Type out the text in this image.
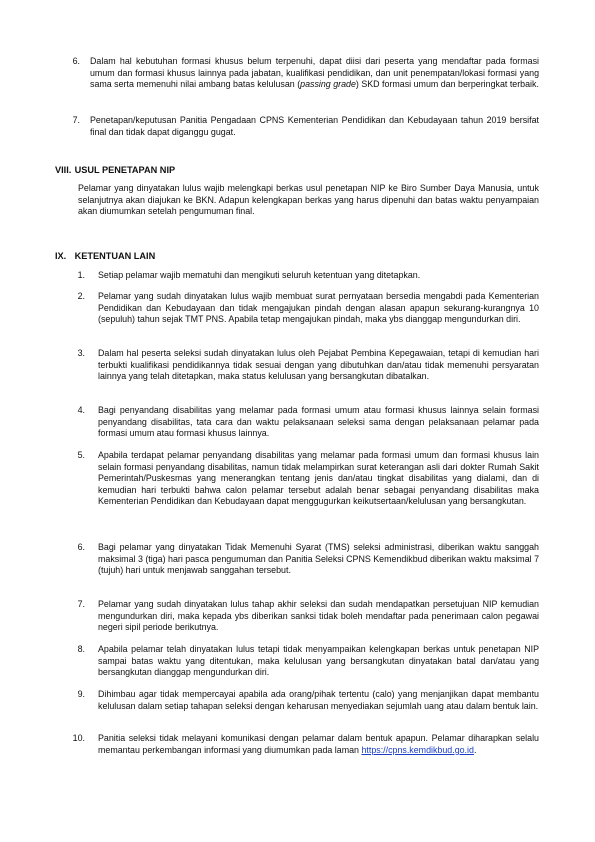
6. Dalam hal kebutuhan formasi khusus belum terpenuhi, dapat diisi dari peserta yang mendaftar pada formasi umum dan formasi khusus lainnya pada jabatan, kualifikasi pendidikan, dan unit penempatan/lokasi formasi yang sama serta memenuhi nilai ambang batas kelulusan (passing grade) SKD formasi umum dan berperingkat terbaik.
7. Penetapan/keputusan Panitia Pengadaan CPNS Kementerian Pendidikan dan Kebudayaan tahun 2019 bersifat final dan tidak dapat diganggu gugat.
VIII. USUL PENETAPAN NIP
Pelamar yang dinyatakan lulus wajib melengkapi berkas usul penetapan NIP ke Biro Sumber Daya Manusia, untuk selanjutnya akan diajukan ke BKN. Adapun kelengkapan berkas yang harus dipenuhi dan batas waktu penyampaian akan diumumkan setelah pengumuman final.
IX. KETENTUAN LAIN
1. Setiap pelamar wajib mematuhi dan mengikuti seluruh ketentuan yang ditetapkan.
2. Pelamar yang sudah dinyatakan lulus wajib membuat surat pernyataan bersedia mengabdi pada Kementerian Pendidikan dan Kebudayaan dan tidak mengajukan pindah dengan alasan apapun sekurang-kurangnya 10 (sepuluh) tahun sejak TMT PNS. Apabila tetap mengajukan pindah, maka ybs dianggap mengundurkan diri.
3. Dalam hal peserta seleksi sudah dinyatakan lulus oleh Pejabat Pembina Kepegawaian, tetapi di kemudian hari terbukti kualifikasi pendidikannya tidak sesuai dengan yang dibutuhkan dan/atau tidak memenuhi persyaratan lainnya yang telah ditetapkan, maka status kelulusan yang bersangkutan dibatalkan.
4. Bagi penyandang disabilitas yang melamar pada formasi umum atau formasi khusus lainnya selain formasi penyandang disabilitas, tata cara dan waktu pelaksanaan seleksi sama dengan pelaksanaan pelamar pada formasi umum atau formasi khusus lainnya.
5. Apabila terdapat pelamar penyandang disabilitas yang melamar pada formasi umum dan formasi khusus lain selain formasi penyandang disabilitas, namun tidak melampirkan surat keterangan asli dari dokter Rumah Sakit Pemerintah/Puskesmas yang menerangkan tentang jenis dan/atau tingkat disabilitas yang dialami, dan di kemudian hari terbukti bahwa calon pelamar tersebut adalah benar sebagai penyandang disabilitas maka Kementerian Pendidikan dan Kebudayaan dapat menggugurkan keikutsertaan/kelulusan yang bersangkutan.
6. Bagi pelamar yang dinyatakan Tidak Memenuhi Syarat (TMS) seleksi administrasi, diberikan waktu sanggah maksimal 3 (tiga) hari pasca pengumuman dan Panitia Seleksi CPNS Kemendikbud diberikan waktu maksimal 7 (tujuh) hari untuk menjawab sanggahan tersebut.
7. Pelamar yang sudah dinyatakan lulus tahap akhir seleksi dan sudah mendapatkan persetujuan NIP kemudian mengundurkan diri, maka kepada ybs diberikan sanksi tidak boleh mendaftar pada penerimaan calon pegawai negeri sipil periode berikutnya.
8. Apabila pelamar telah dinyatakan lulus tetapi tidak menyampaikan kelengkapan berkas untuk penetapan NIP sampai batas waktu yang ditentukan, maka kelulusan yang bersangkutan dinyatakan batal dan/atau yang bersangkutan dianggap mengundurkan diri.
9. Dihimbau agar tidak mempercayai apabila ada orang/pihak tertentu (calo) yang menjanjikan dapat membantu kelulusan dalam setiap tahapan seleksi dengan keharusan menyediakan sejumlah uang atau dalam bentuk lain.
10. Panitia seleksi tidak melayani komunikasi dengan pelamar dalam bentuk apapun. Pelamar diharapkan selalu memantau perkembangan informasi yang diumumkan pada laman https://cpns.kemdikbud.go.id.
